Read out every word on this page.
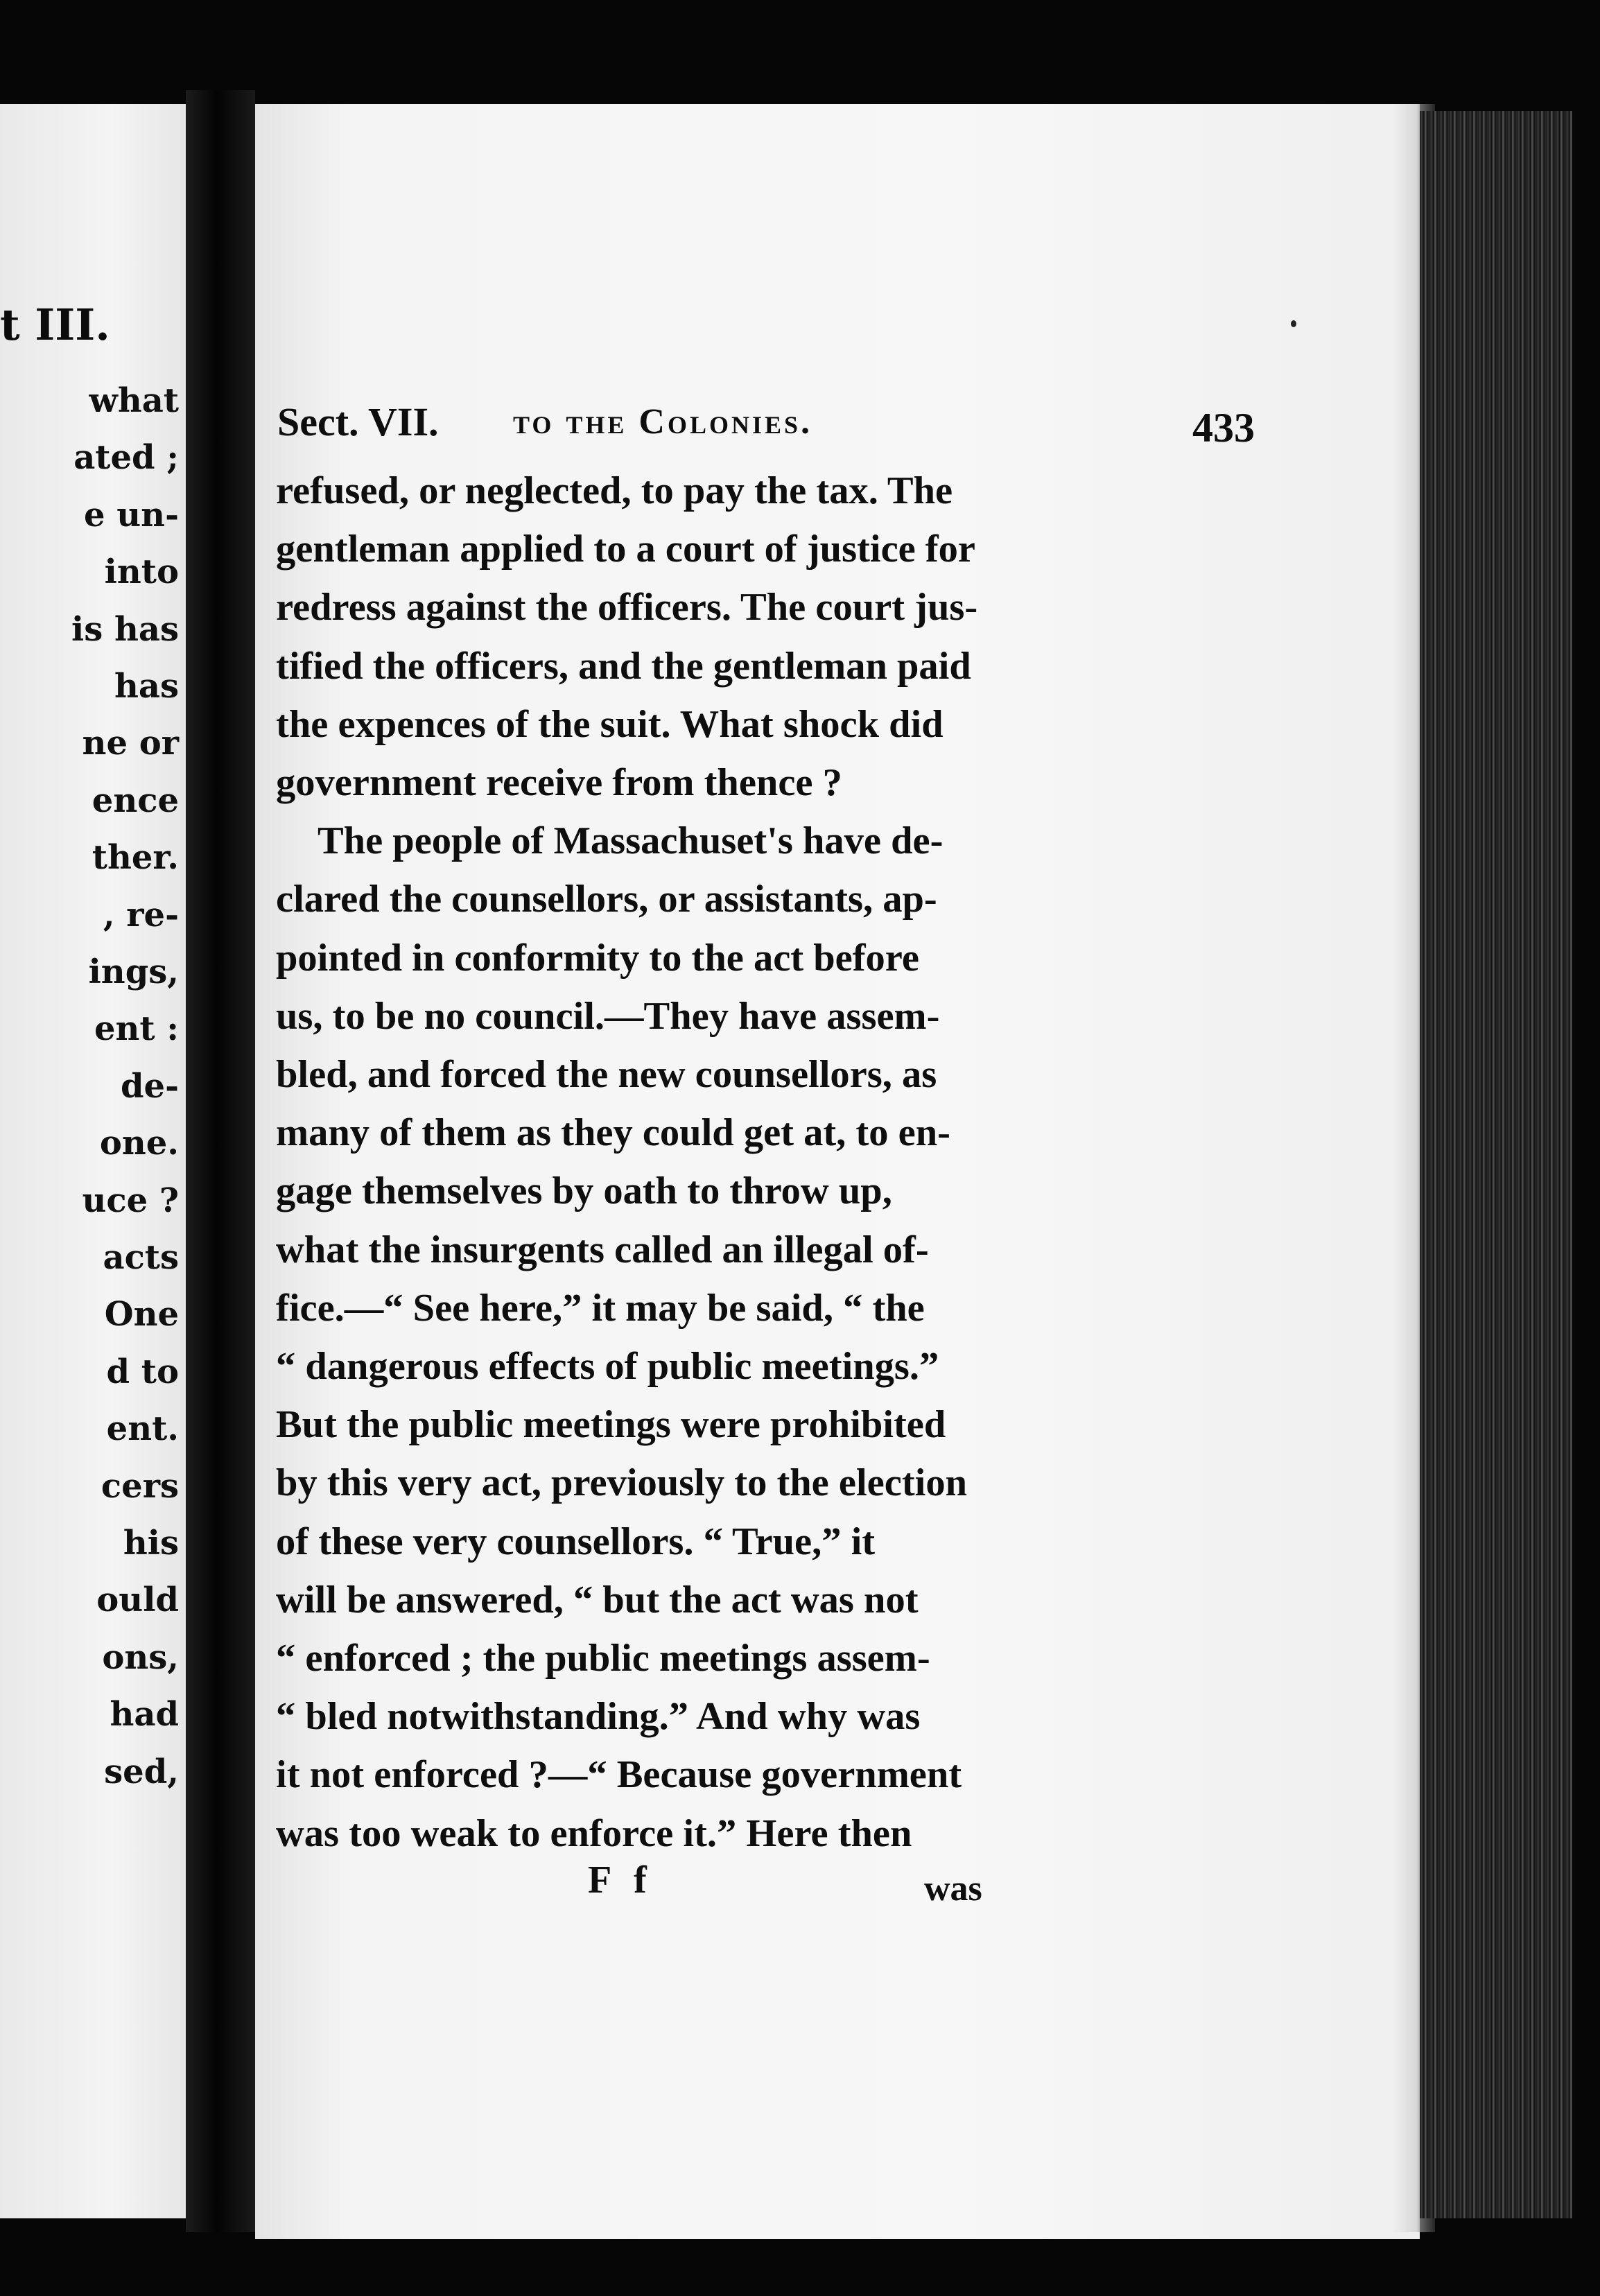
t III.
what
ated ;
e un-
into
is has
has
ne or
ence
ther.
, re-
ings,
ent :
de-
one.
uce ?
acts
One
d to
ent.
cers
his
ould
ons,
had
sed,
Sect. VII. to the Colonies.	433
refused, or neglected, to pay the tax. The
gentleman applied to a court of justice for
redress against the officers. The court jus-
tified the officers, and the gentleman paid
the expences of the suit. What shock did
government receive from thence ?
The people of Massachuset's have de-
clared the counsellors, or assistants, ap-
pointed in conformity to the act before
us, to be no council.—They have assem-
bled, and forced the new counsellors, as
many of them as they could get at, to en-
gage themselves by oath to throw up,
what the insurgents called an illegal of-
fice.—“ See here,” it may be said, “ the
“ dangerous effects of public meetings.”
But the public meetings were prohibited
by this very act, previously to the election
of these very counsellors. “ True,” it
will be answered, “ but the act was not
“ enforced ; the public meetings assem-
“ bled notwithstanding.” And why was
it not enforced ?—“ Because government
was too weak to enforce it.” Here then
F f	was
